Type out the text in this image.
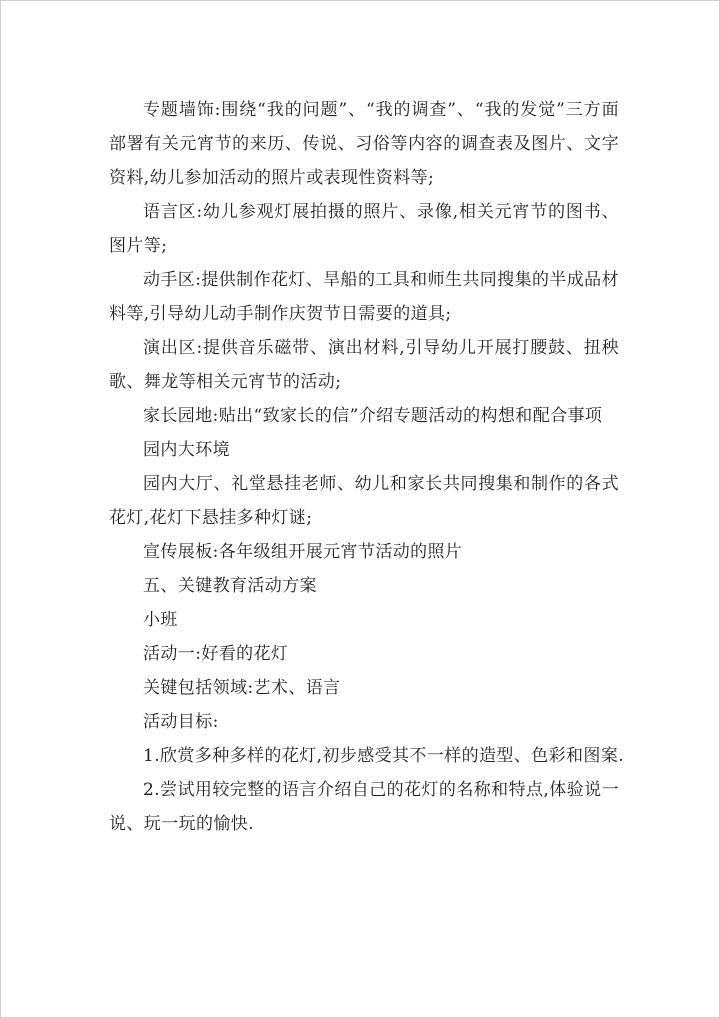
专题墙饰:围绕“我的问题”、“我的调查”、“我的发觉”三方面部署有关元宵节的来历、传说、习俗等内容的调查表及图片、文字资料,幼儿参加活动的照片或表现性资料等;

语言区:幼儿参观灯展拍摄的照片、录像,相关元宵节的图书、图片等;

动手区:提供制作花灯、旱船的工具和师生共同搜集的半成品材料等,引导幼儿动手制作庆贺节日需要的道具;

演出区:提供音乐磁带、演出材料,引导幼儿开展打腰鼓、扭秧歌、舞龙等相关元宵节的活动;

家长园地:贴出“致家长的信”介绍专题活动的构想和配合事项

园内大环境

园内大厅、礼堂悬挂老师、幼儿和家长共同搜集和制作的各式花灯,花灯下悬挂多种灯谜;

宣传展板:各年级组开展元宵节活动的照片

五、关键教育活动方案

小班

活动一:好看的花灯

关键包括领域:艺术、语言

活动目标:

1.欣赏多种多样的花灯,初步感受其不一样的造型、色彩和图案.

2.尝试用较完整的语言介绍自己的花灯的名称和特点,体验说一说、玩一玩的愉快.
